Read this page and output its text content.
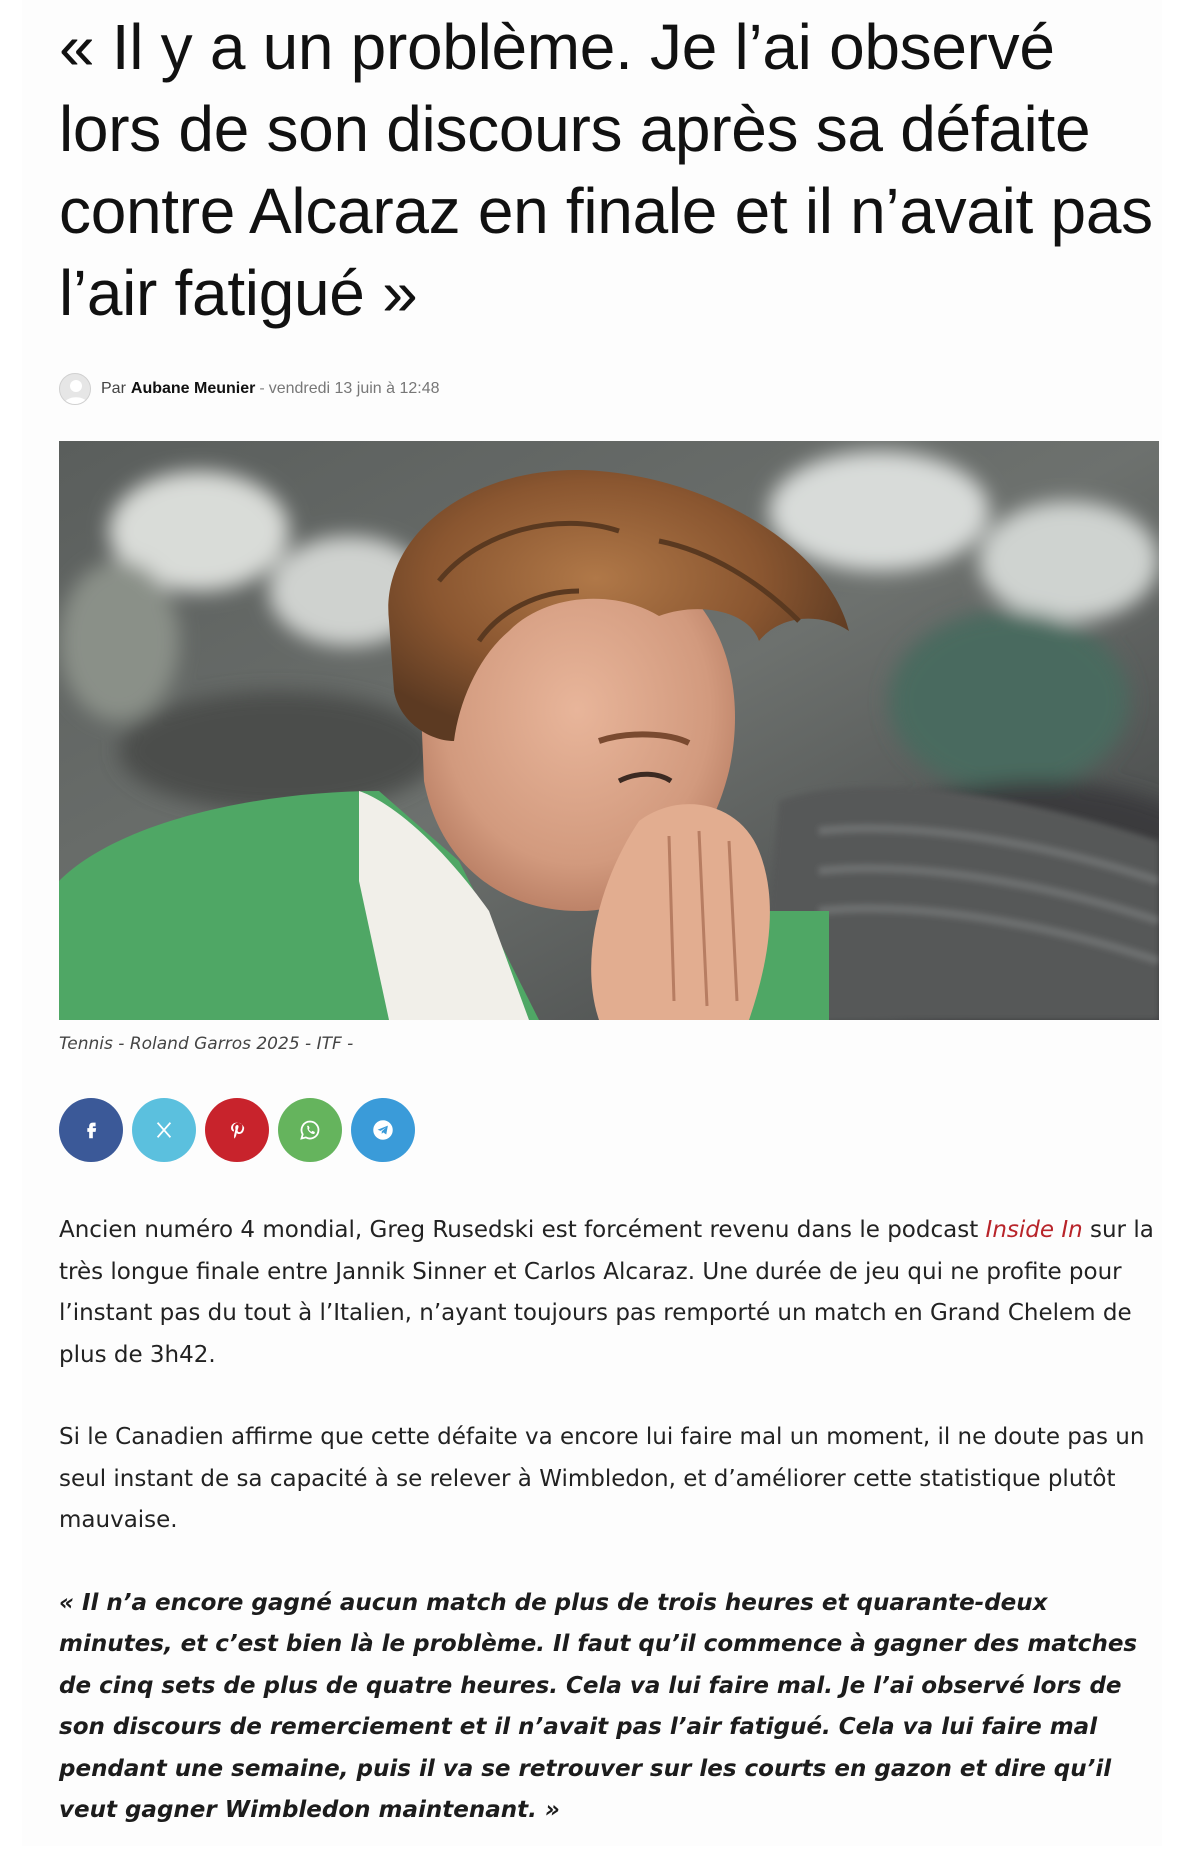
« Il y a un problème. Je l’ai observé lors de son discours après sa défaite contre Alcaraz en finale et il n’avait pas l’air fatigué »
Par Aubane Meunier - vendredi 13 juin à 12:48
Tennis - Roland Garros 2025 - ITF -

Ancien numéro 4 mondial, Greg Rusedski est forcément revenu dans le podcast Inside In sur la très longue finale entre Jannik Sinner et Carlos Alcaraz. Une durée de jeu qui ne profite pour l’instant pas du tout à l’Italien, n’ayant toujours pas remporté un match en Grand Chelem de plus de 3h42.

Si le Canadien affirme que cette défaite va encore lui faire mal un moment, il ne doute pas un seul instant de sa capacité à se relever à Wimbledon, et d’améliorer cette statistique plutôt mauvaise.

« Il n’a encore gagné aucun match de plus de trois heures et quarante-deux minutes, et c’est bien là le problème. Il faut qu’il commence à gagner des matches de cinq sets de plus de quatre heures. Cela va lui faire mal. Je l’ai observé lors de son discours de remerciement et il n’avait pas l’air fatigué. Cela va lui faire mal pendant une semaine, puis il va se retrouver sur les courts en gazon et dire qu’il veut gagner Wimbledon maintenant. »
